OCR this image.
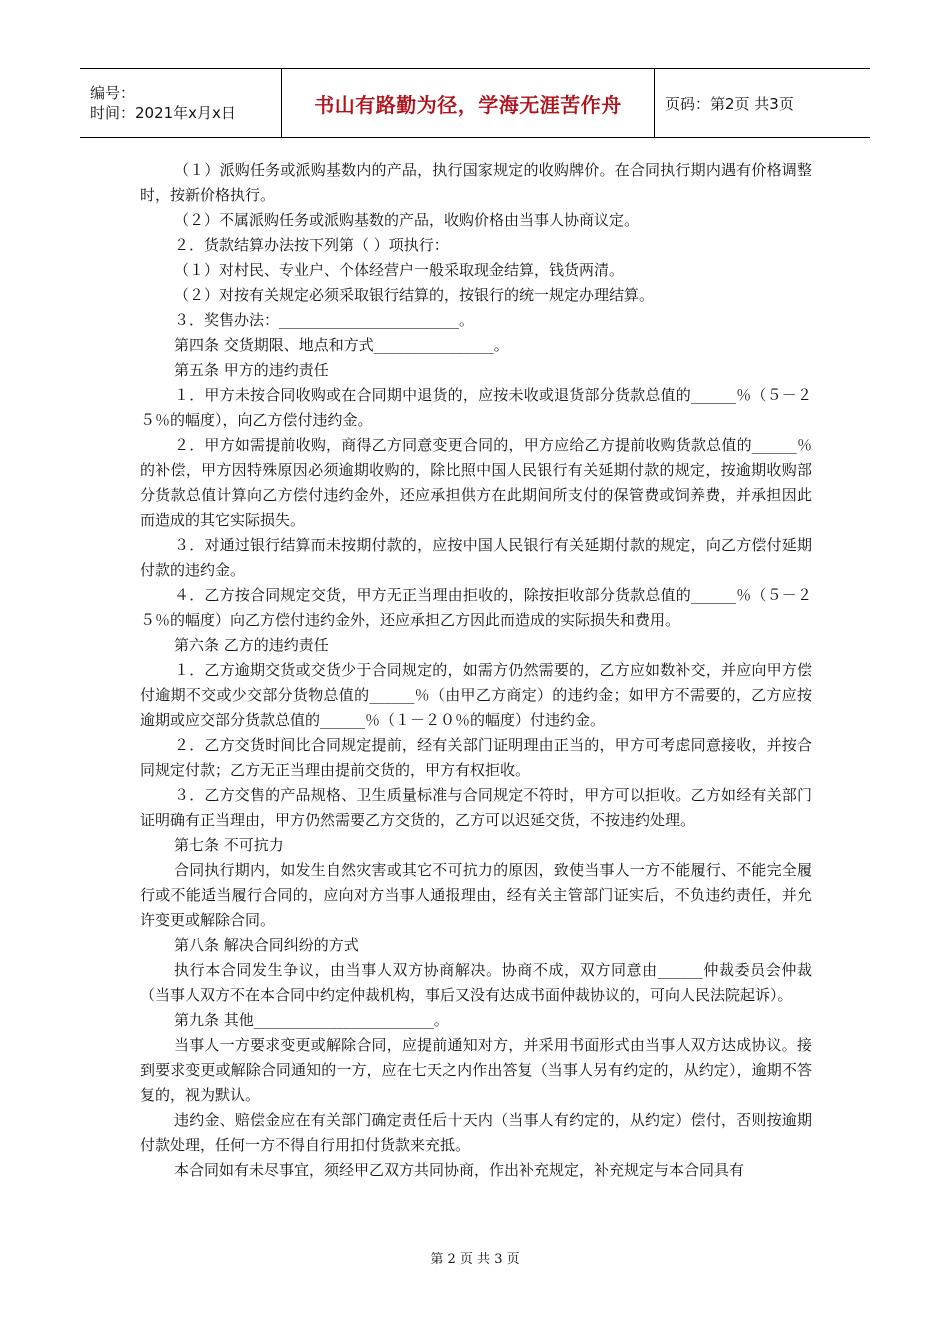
编号：
时间：2021年x月x日	书山有路勤为径，学海无涯苦作舟	页码：第2页 共3页

（１）派购任务或派购基数内的产品，执行国家规定的收购牌价。在合同执行期内遇有价格调整时，按新价格执行。

（２）不属派购任务或派购基数的产品，收购价格由当事人协商议定。

２．货款结算办法按下列第（ ）项执行：

（１）对村民、专业户、个体经营户一般采取现金结算，钱货两清。

（２）对按有关规定必须采取银行结算的，按银行的统一规定办理结算。

３．奖售办法：________________________。

第四条 交货期限、地点和方式________________。

第五条 甲方的违约责任

１．甲方未按合同收购或在合同期中退货的，应按未收或退货部分货款总值的______％（５－２５％的幅度），向乙方偿付违约金。

２．甲方如需提前收购，商得乙方同意变更合同的，甲方应给乙方提前收购货款总值的______％的补偿，甲方因特殊原因必须逾期收购的，除比照中国人民银行有关延期付款的规定，按逾期收购部分货款总值计算向乙方偿付违约金外，还应承担供方在此期间所支付的保管费或饲养费，并承担因此而造成的其它实际损失。

３．对通过银行结算而未按期付款的，应按中国人民银行有关延期付款的规定，向乙方偿付延期付款的违约金。

４．乙方按合同规定交货，甲方无正当理由拒收的，除按拒收部分货款总值的______％（５－２５％的幅度）向乙方偿付违约金外，还应承担乙方因此而造成的实际损失和费用。

第六条 乙方的违约责任

１．乙方逾期交货或交货少于合同规定的，如需方仍然需要的，乙方应如数补交，并应向甲方偿付逾期不交或少交部分货物总值的______％（由甲乙方商定）的违约金；如甲方不需要的，乙方应按逾期或应交部分货款总值的______％（１－２０％的幅度）付违约金。

２．乙方交货时间比合同规定提前，经有关部门证明理由正当的，甲方可考虑同意接收，并按合同规定付款；乙方无正当理由提前交货的，甲方有权拒收。

３．乙方交售的产品规格、卫生质量标准与合同规定不符时，甲方可以拒收。乙方如经有关部门证明确有正当理由，甲方仍然需要乙方交货的，乙方可以迟延交货，不按违约处理。

第七条 不可抗力

合同执行期内，如发生自然灾害或其它不可抗力的原因，致使当事人一方不能履行、不能完全履行或不能适当履行合同的，应向对方当事人通报理由，经有关主管部门证实后，不负违约责任，并允许变更或解除合同。

第八条 解决合同纠纷的方式

执行本合同发生争议，由当事人双方协商解决。协商不成，双方同意由______仲裁委员会仲裁（当事人双方不在本合同中约定仲裁机构，事后又没有达成书面仲裁协议的，可向人民法院起诉）。

第九条 其他________________________。

当事人一方要求变更或解除合同，应提前通知对方，并采用书面形式由当事人双方达成协议。接到要求变更或解除合同通知的一方，应在七天之内作出答复（当事人另有约定的，从约定），逾期不答复的，视为默认。

违约金、赔偿金应在有关部门确定责任后十天内（当事人有约定的，从约定）偿付，否则按逾期付款处理，任何一方不得自行用扣付货款来充抵。

本合同如有未尽事宜，须经甲乙双方共同协商，作出补充规定，补充规定与本合同具有

第 2 页 共 3 页
